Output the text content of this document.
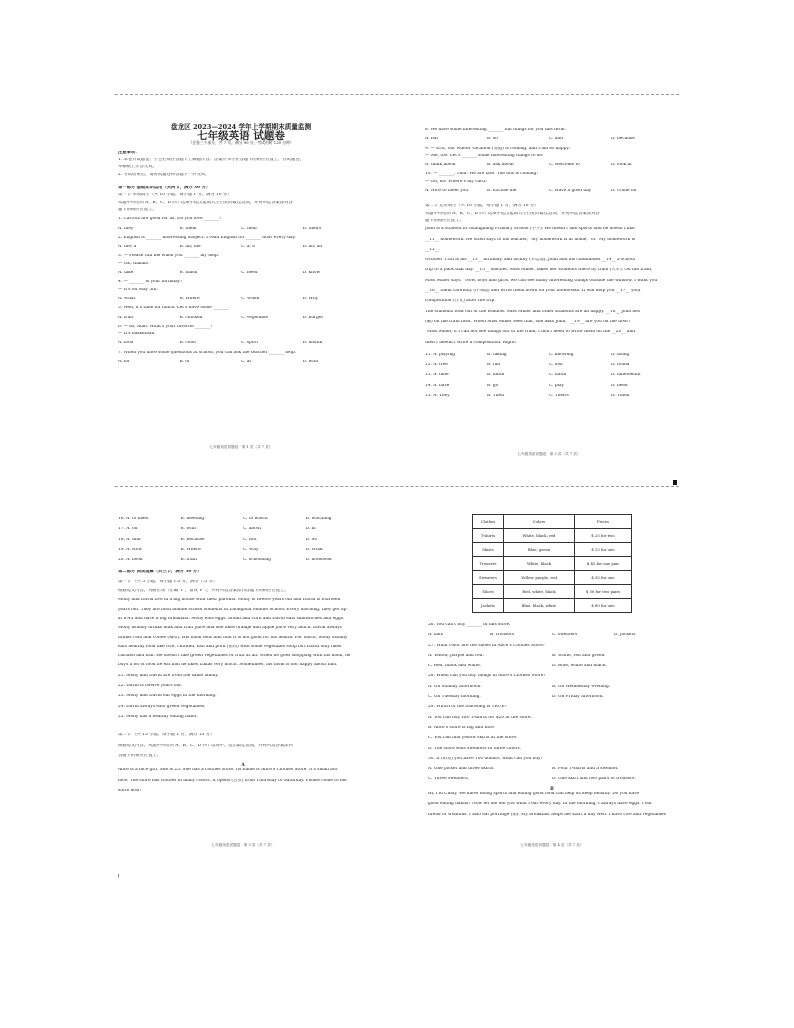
盘龙区 2023—2024 学年上学期期末质量监测

七年级英语 试题卷

（全卷三个部分，共 7 页。满分 90 分，考试用时 120 分钟）

注意事项：

1. 本卷为试题卷。学生必须在答题卡上解题作答。答案应书写在答题卡的相应位置上，在试题卷、

草稿纸上作答无效。

2. 考试结束后，请将试题卷和答题卡一并交回。

第一部分 基础知识运用（共两节，满分 30 分）

第一节 单项填空（共 10 小题；每小题 1 分，满分 10 分）

从题中所给的 A、B、C、D 四个选项中选出能填入空白处的最佳选项，并将所选答案涂到答

题卡的相应位置上。

1. Carrots are good for us. Do you love _______?

A. they	B. them	C. their	D. theirs

2. English is _______ interesting subject. I read English for _______ hour every day.

A. the; a	B. an; the	C. a; a	D. an; an

3. — Please call me when you _______ my help.

— OK, thanks.

A. take	B. finish	C. need	D. know

4. — _______ is your birthday?

— It's on May 5th.

A. What	B. Where	C. When	D. Why

5. Well, it's time for lunch. Let's have some _______.

A. fruit	B. chicken	C. vegetable	D. burger

6. — Hi, Alan. What's your favorite _______?

— It's basketball.

A. food	B. color	C. sport	D. month

7. When you have some questions at school, you can ask the teacher _______ help.

A. for	B. of	C. at	D. with
七年级英语试题卷 · 第 1 页（共 7 页）

8. We have some interesting _______ fun things for you this term.

A. but	B. so	C. and	D. because

9. — Eric, our winter vacation (寒假) is coming, and I am so happy!

— Me, too. Let's _______ some interesting things to do.

A. think about	B. ask about	C. welcome to	D. look at

10. — _______, Tina! We are late. The bus is coming!

— Oh, no! Where's my card?

A. Nice to meet you	B. Excuse me	C. Have a good day	D. Come on

第二节 完形填空（共 10 小题，每小题 1 分，满分 10 分）

从题中所给的 A、B、C、D 四个选项中选出能填入空白处的最佳选项，并将所选答案涂到答

题卡的相应位置上。

John is a student in Guangming Primary School (小学). He doesn't like sports and he doesn't like

__11__ homework. He often says to his teacher, "My homework is at home," or "My homework is

__12__."

October 11th is his __13__ birthday, and luckily (幸运地), John and his classmates __14__ a school

trip to a park that day. __15__ teacher, Miss Miller, takes her students there by train (火车). On the train,

Miss Miller says, "Now, boys and girls, we can see many interesting things outside the window. I want you

__16__ them carefully (仔细地) and write them down on your notebooks. It will help you __17__ your

composition (作文) after the trip.

The students look out of the window. Miss Miller and other students are all happy. __18__ John lies

(躺) on the train floor. When Miss Miller sees that, she asks John, "__19__ are you on the floor?"

"Miss Miller, if I can not see things out of the train, I don't need to write them on the __20__ and

then I needn't write a composition. Right?"

11. A. playing	B. taking	C. knowing	D. doing
12. A. free	B. fun	C. lost	D. found
13. A. nine	B. ninth	C. ninth	D. nineteenth
14. A. have	B. go	C. play	D. need
15. A. They	B. Their	C. Theirs	D. Them
七年级英语试题卷 · 第 2 页（共 7 页）
16. A. to meet	B. meeting	C. to watch	D. watching
17. A. on	B. with	C. about	D. in
18. A. And	B. Because	C. But	D. So
19. A. How	B. Where	C. Why	D. What
20. A. book	B. train	C. schoolbag	D. notebook

第二部分 阅读理解（共三节，满分 30 分）

第一节 （共 5 小题，每小题 1.5 分，满分 7.5 分）

根据短文内容，判断正误（正确"T"，错误"F"），并将所选答案涂到答题卡的相应位置上。

Molly and David live in a big house with their parents. Molly is twelve years old and David is fourteen

years old. They are both middle school students in Zhonghua Middle School. Every morning, they get up

at 6:45 and have a big breakfast. Molly eats eggs, bread and corn and David eats sandwiches and eggs.

Molly usually drinks milk and fruit juice and she likes orange and apple juice very much. David always

drinks cola and coffee (咖啡). His mom tells him that it is not good for his health. For lunch, Molly usually

eats healthy food like rice, chicken, fish and pork (猪肉) with some vegetable soup but David only likes

chicken and fish. He doesn't like green vegetables or fruit at all. When he goes shopping with his mom, he

buys a lot of food he eat and he likes Lukas very much. Sometimes, his mom is not happy about him.

21. Molly and David are from the same family.

22. David is twelve years old.

23. Molly and David eat eggs in the morning.

24. David always eats green vegetables.

25. Molly has a healthy eating habit.

第二节 （共 15 小题，每小题 1 分，满分 15 分）

根据短文内容，从题中所给的 A、B、C、D 四个选项中，选出最佳选项，并将所选答案涂到

答题卡的相应位置上。

A

Alice is a nice girl. She is 25. She has a clothes store. Its name is Alice's Clothes Store. It's small but

nice. The store has clothes in many colors. It opens (营业) from Thursday to Saturday. Please come to her

store now!

七年级英语试题卷 · 第 3 页（共 7 页）
Clothes	Colors	Prices
T-shirts	White, black, red	$ 25 for two
Skirts	Blue, green	$ 15 for one
Trousers	White, black	$ 45 for one pair
Sweaters	Yellow, purple, red	$ 35 for one
Shoes	Red, white, black	$ 50 for two pairs
Jackets	Blue, black, white	$ 60 for one

26. You can't buy _______ in this store.

A. hats	B. trousers	C. sweaters	D. jackets

27. What color are the shoes in Alice's Clothes Store?

A. Yellow, purple and red.	B. White, red and green.
C. Red, black and white.	D. Blue, white and black.

28. When can you buy things in Alice's Clothes Store?

A. On Sunday afternoon.	B. On Wednesday evening.
C. On Tuesday morning.	D. On Friday afternoon.

29. Which of the following is TRUE?

A. You can buy two T-shirts for $20 at the store.

B. Alice's store is big and nice.

C. You can find yellow skirts at the store.

D. The store sells sweaters in three colors.

30. If (如果) you have 100 dollars, what can you buy?

A. One jacket and three skirts.	B. Four T-shirts and a sweater.
C. Three sweaters.	D. One skirt and two pairs of trousers.

B

Hi, I'm Cindy. We know doing sports and eating good food can help us keep healthy. Do you have

good eating habits? Now let me tell you what I eat every day. In the morning, I always have eggs. I eat

bread or wontons. I also eat porridge (粥). My breakfast helps me start a day well. I have rice and vegetables

七年级英语试题卷 · 第 4 页（共 7 页）
